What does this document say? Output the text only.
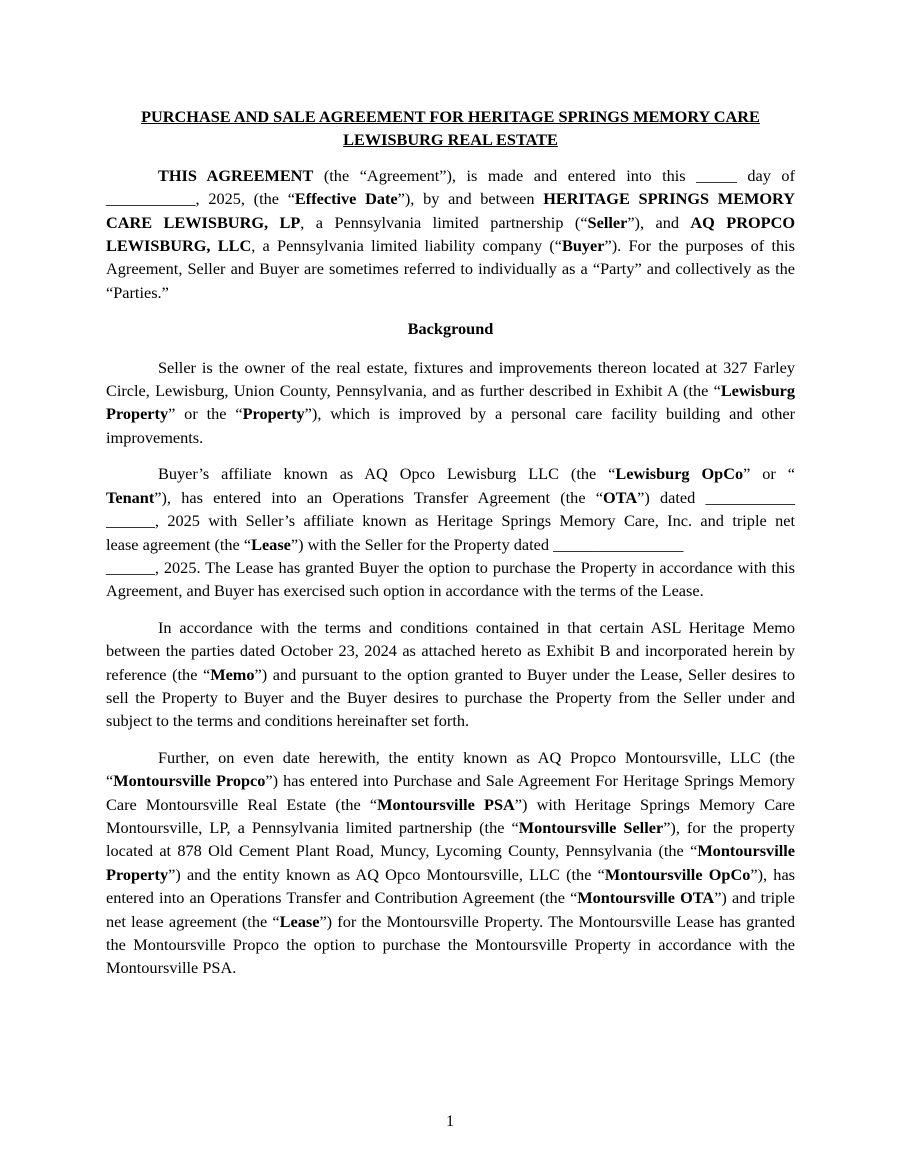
PURCHASE AND SALE AGREEMENT FOR HERITAGE SPRINGS MEMORY CARE
LEWISBURG REAL ESTATE

THIS AGREEMENT (the “Agreement”), is made and entered into this _____ day of ___________, 2025, (the “Effective Date”), by and between HERITAGE SPRINGS MEMORY CARE LEWISBURG, LP, a Pennsylvania limited partnership (“Seller”), and AQ PROPCO LEWISBURG, LLC, a Pennsylvania limited liability company (“Buyer”). For the purposes of this Agreement, Seller and Buyer are sometimes referred to individually as a “Party” and collectively as the “Parties.”

Background

Seller is the owner of the real estate, fixtures and improvements thereon located at 327 Farley Circle, Lewisburg, Union County, Pennsylvania, and as further described in Exhibit A (the “Lewisburg Property” or the “Property”), which is improved by a personal care facility building and other improvements.

Buyer’s affiliate known as AQ Opco Lewisburg LLC (the “Lewisburg OpCo” or “
Tenant”), has entered into an Operations Transfer Agreement (the “OTA”) dated ___________
______, 2025 with Seller’s affiliate known as Heritage Springs Memory Care, Inc. and triple net
lease agreement (the “Lease”) with the Seller for the Property dated ________________
______, 2025. The Lease has granted Buyer the option to purchase the Property in accordance with this Agreement, and Buyer has exercised such option in accordance with the terms of the Lease.

In accordance with the terms and conditions contained in that certain ASL Heritage Memo between the parties dated October 23, 2024 as attached hereto as Exhibit B and incorporated herein by reference (the “Memo”) and pursuant to the option granted to Buyer under the Lease, Seller desires to sell the Property to Buyer and the Buyer desires to purchase the Property from the Seller under and subject to the terms and conditions hereinafter set forth.

Further, on even date herewith, the entity known as AQ Propco Montoursville, LLC (the “Montoursville Propco”) has entered into Purchase and Sale Agreement For Heritage Springs Memory Care Montoursville Real Estate (the “Montoursville PSA”) with Heritage Springs Memory Care Montoursville, LP, a Pennsylvania limited partnership (the “Montoursville Seller”), for the property located at 878 Old Cement Plant Road, Muncy, Lycoming County, Pennsylvania (the “Montoursville Property”) and the entity known as AQ Opco Montoursville, LLC (the “Montoursville OpCo”), has entered into an Operations Transfer and Contribution Agreement (the “Montoursville OTA”) and triple net lease agreement (the “Lease”) for the Montoursville Property. The Montoursville Lease has granted the Montoursville Propco the option to purchase the Montoursville Property in accordance with the Montoursville PSA.

1
